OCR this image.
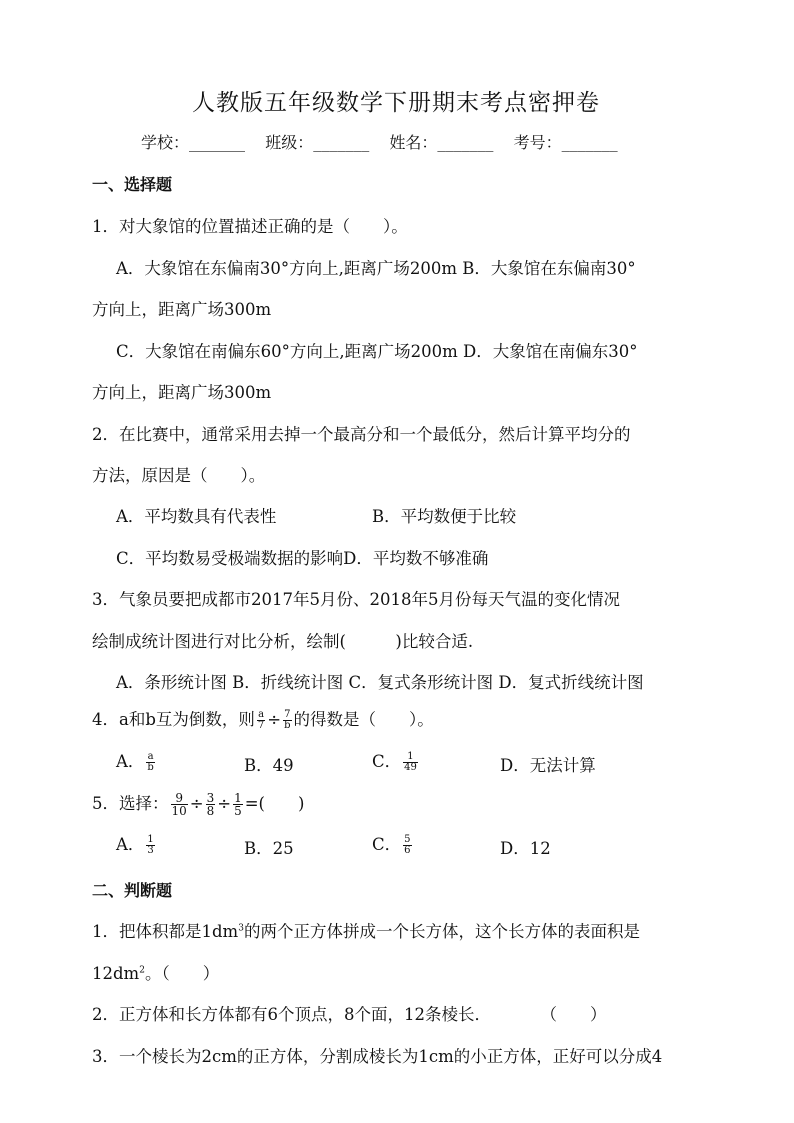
人教版五年级数学下册期末考点密押卷
学校：_______ 班级：_______ 姓名：_______ 考号：_______
一、选择题
1．对大象馆的位置描述正确的是（　　）。
A．大象馆在东偏南30°方向上,距离广场200m B．大象馆在东偏南30°
方向上，距离广场300m
C．大象馆在南偏东60°方向上,距离广场200m D．大象馆在南偏东30°
方向上，距离广场300m
2．在比赛中，通常采用去掉一个最高分和一个最低分，然后计算平均分的
方法，原因是（　　）。
A．平均数具有代表性	B．平均数便于比较
C．平均数易受极端数据的影响D．平均数不够准确
3．气象员要把成都市2017年5月份、2018年5月份每天气温的变化情况
绘制成统计图进行对比分析，绘制(　　　)比较合适.
A．条形统计图 B．折线统计图 C．复式条形统计图 D．复式折线统计图
4．a和b互为倒数，则 $\frac{a}{7} \div \frac{7}{b}$ 的得数是（　　）。
A． $\frac{a}{b}$	B．49	C． $\frac{1}{49}$	D．无法计算
5．选择： $\frac{9}{10} \div \frac{3}{8} \div \frac{1}{5}$ =(　　)
A． $\frac{1}{3}$	B．25	C． $\frac{5}{6}$	D．12
二、判断题
1．把体积都是$1dm^3$的两个正方体拼成一个长方体，这个长方体的表面积是
$12dm^2$。（　　）
2．正方体和长方体都有6个顶点，8个面，12条棱长．　　　　（　　）
3．一个棱长为2cm的正方体，分割成棱长为1cm的小正方体，正好可以分成4
